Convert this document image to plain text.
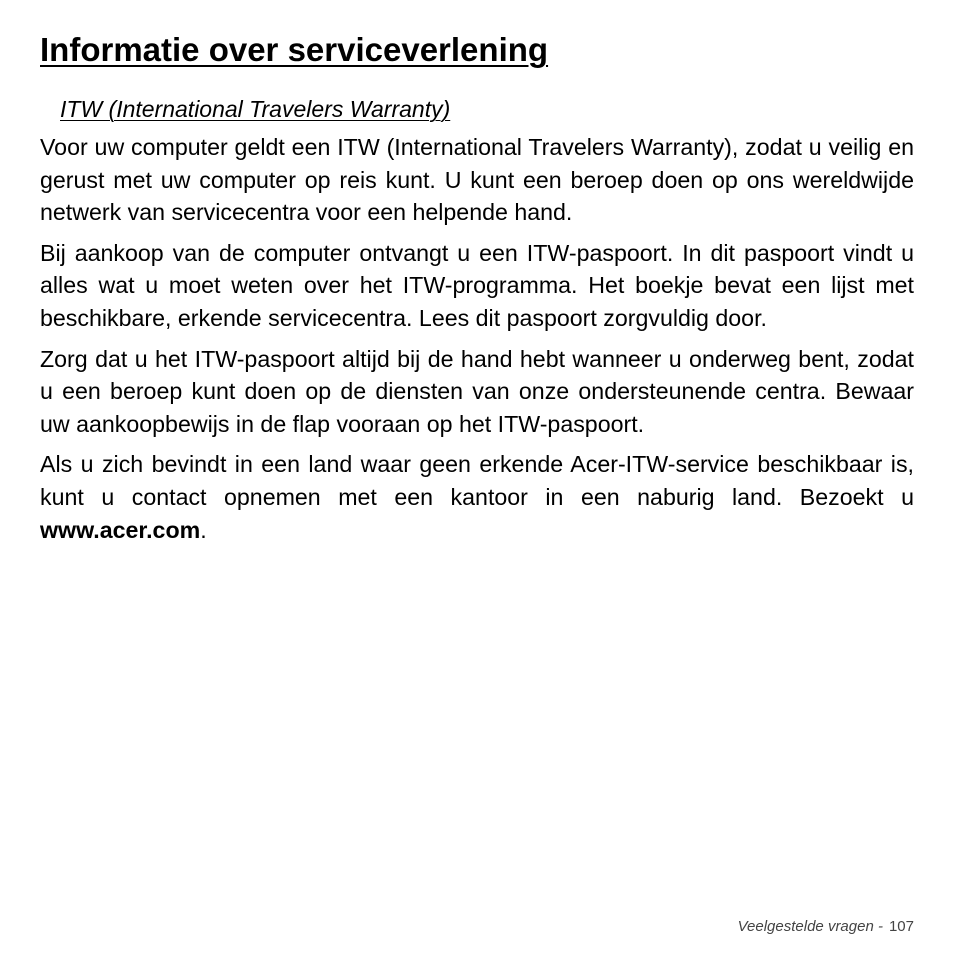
Informatie over serviceverlening
ITW (International Travelers Warranty)

Voor uw computer geldt een ITW (International Travelers Warranty), zodat u veilig en gerust met uw computer op reis kunt. U kunt een beroep doen op ons wereldwijde netwerk van servicecentra voor een helpende hand.

Bij aankoop van de computer ontvangt u een ITW-paspoort. In dit paspoort vindt u alles wat u moet weten over het ITW-programma. Het boekje bevat een lijst met beschikbare, erkende servicecentra. Lees dit paspoort zorgvuldig door.

Zorg dat u het ITW-paspoort altijd bij de hand hebt wanneer u onderweg bent, zodat u een beroep kunt doen op de diensten van onze ondersteunende centra. Bewaar uw aankoopbewijs in de flap vooraan op het ITW-paspoort.

Als u zich bevindt in een land waar geen erkende Acer-ITW-service beschikbaar is, kunt u contact opnemen met een kantoor in een naburig land. Bezoekt u www.acer.com.

Veelgestelde vragen - 107
